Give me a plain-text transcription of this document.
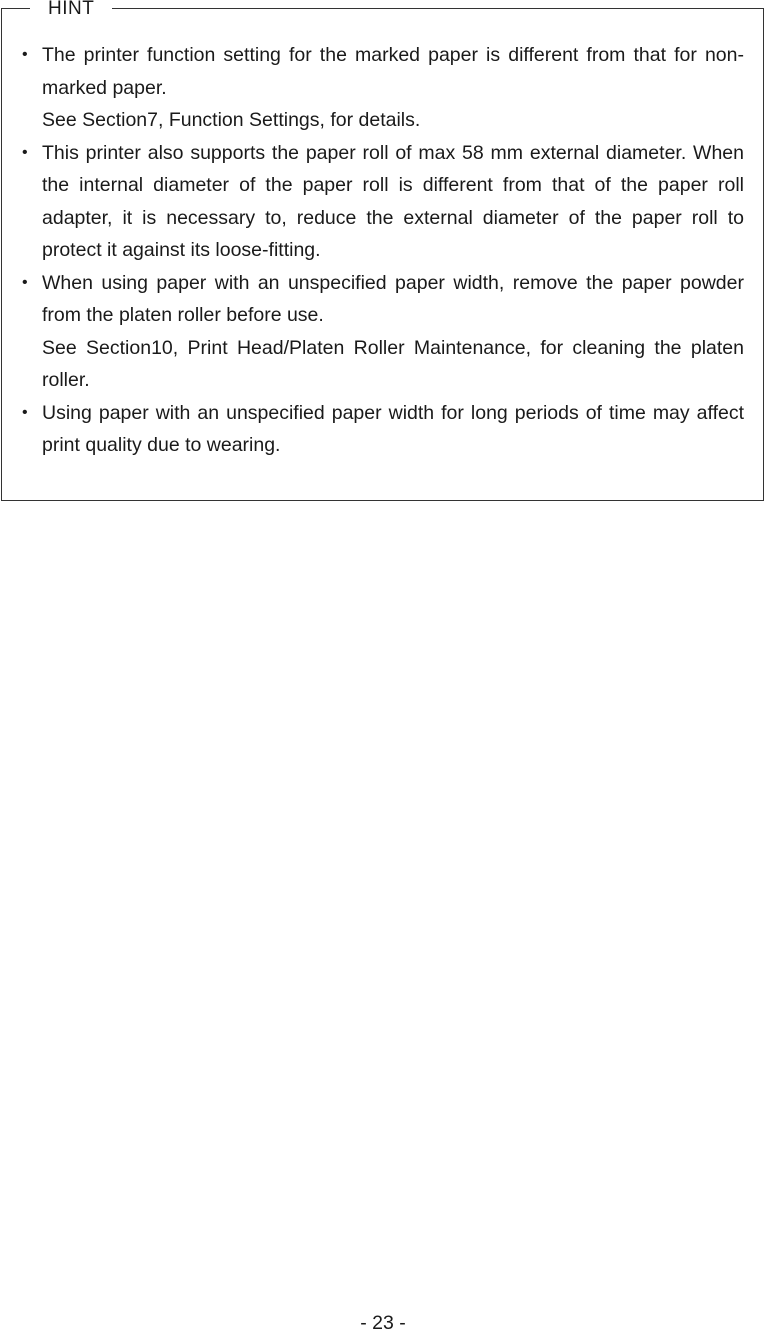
HINT
• The printer function setting for the marked paper is different from that for non-marked paper.
See Section7, Function Settings, for details.
• This printer also supports the paper roll of max 58 mm external diameter. When the internal diameter of the paper roll is different from that of the paper roll adapter, it is necessary to, reduce the external diameter of the paper roll to protect it against its loose-fitting.
• When using paper with an unspecified paper width, remove the paper powder from the platen roller before use.
See Section10, Print Head/Platen Roller Maintenance, for cleaning the platen roller.
• Using paper with an unspecified paper width for long periods of time may affect print quality due to wearing.
- 23 -
